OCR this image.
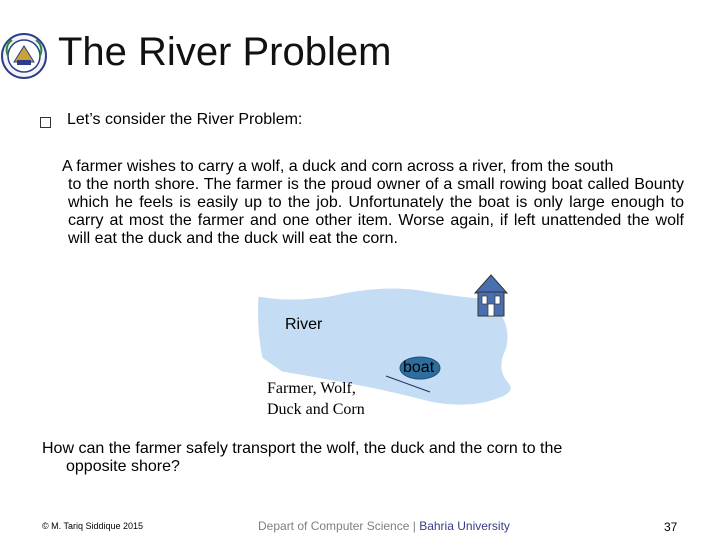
The River Problem
Let’s consider the River Problem:
A farmer wishes to carry a wolf, a duck and corn across a river, from the south
to the north shore. The farmer is the proud owner of a small rowing boat called Bounty which he feels is easily up to the job. Unfortunately the boat is only large enough to carry at most the farmer and one other item. Worse again, if left unattended the wolf will eat the duck and the duck will eat the corn.
River
boat
Farmer, Wolf,
Duck and Corn
How can the farmer safely transport the wolf, the duck and the corn to the
opposite shore?
© M. Tariq Siddique 2015	Depart of Computer Science | Bahria University	37
